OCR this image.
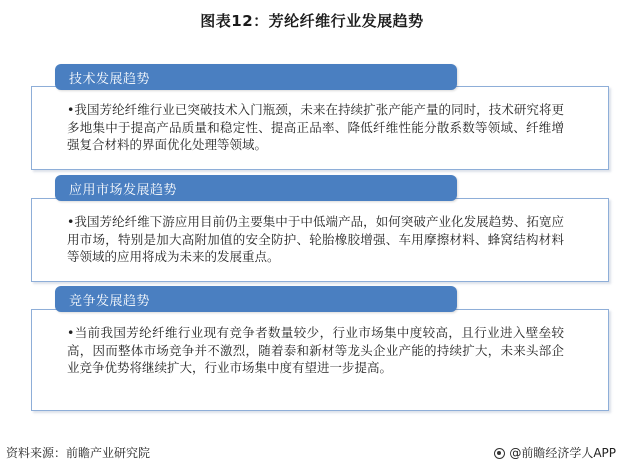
图表12：芳纶纤维行业发展趋势

•我国芳纶纤维行业已突破技术入门瓶颈，未来在持续扩张产能产量的同时，技术研究将更多地集中于提高产品质量和稳定性、提高正品率、降低纤维性能分散系数等领域、纤维增强复合材料的界面优化处理等领域。

技术发展趋势

•我国芳纶纤维下游应用目前仍主要集中于中低端产品，如何突破产业化发展趋势、拓宽应用市场，特别是加大高附加值的安全防护、轮胎橡胶增强、车用摩擦材料、蜂窝结构材料等领域的应用将成为未来的发展重点。

应用市场发展趋势

•当前我国芳纶纤维行业现有竞争者数量较少，行业市场集中度较高，且行业进入壁垒较高，因而整体市场竞争并不激烈，随着泰和新材等龙头企业产能的持续扩大，未来头部企业竞争优势将继续扩大，行业市场集中度有望进一步提高。

竞争发展趋势
资料来源：前瞻产业研究院	@前瞻经济学人APP
